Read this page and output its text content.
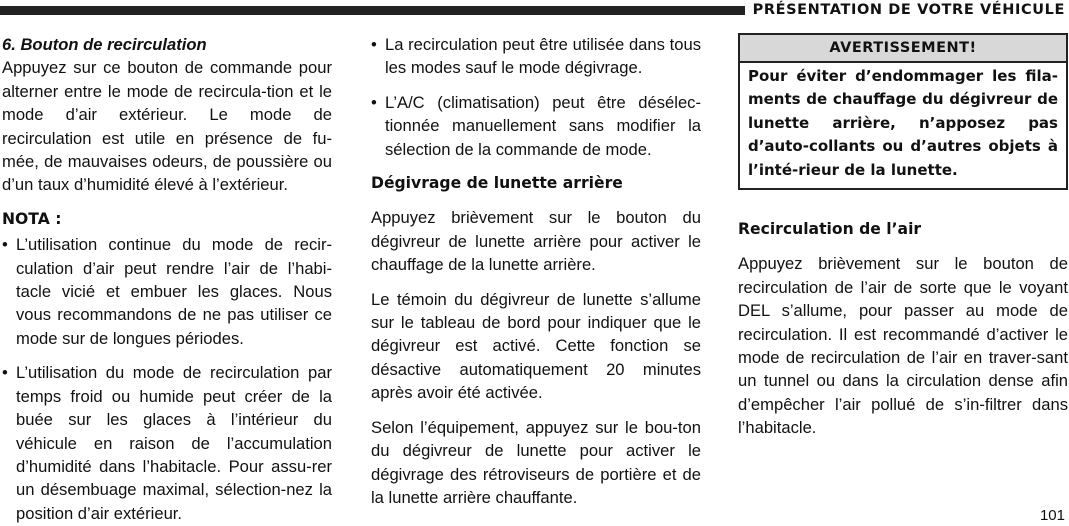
PRÉSENTATION DE VOTRE VÉHICULE

6. Bouton de recirculation

Appuyez sur ce bouton de commande pour alterner entre le mode de recircula-tion et le mode d’air extérieur. Le mode de recirculation est utile en présence de fu-mée, de mauvaises odeurs, de poussière ou d’un taux d’humidité élevé à l’extérieur.

NOTA :

• L’utilisation continue du mode de recir-culation d’air peut rendre l’air de l’habi-tacle vicié et embuer les glaces. Nous vous recommandons de ne pas utiliser ce mode sur de longues périodes.
• L’utilisation du mode de recirculation par temps froid ou humide peut créer de la buée sur les glaces à l’intérieur du véhicule en raison de l’accumulation d’humidité dans l’habitacle. Pour assu-rer un désembuage maximal, sélection-nez la position d’air extérieur.
• La recirculation peut être utilisée dans tous les modes sauf le mode dégivrage.
• L’A/C (climatisation) peut être désélec-tionnée manuellement sans modifier la sélection de la commande de mode.

Dégivrage de lunette arrière

Appuyez brièvement sur le bouton du dégivreur de lunette arrière pour activer le chauffage de la lunette arrière.

Le témoin du dégivreur de lunette s’allume sur le tableau de bord pour indiquer que le dégivreur est activé. Cette fonction se désactive automatiquement 20 minutes après avoir été activée.

Selon l’équipement, appuyez sur le bou-ton du dégivreur de lunette pour activer le dégivrage des rétroviseurs de portière et de la lunette arrière chauffante.

AVERTISSEMENT!
Pour éviter d’endommager les fila-ments de chauffage du dégivreur de lunette arrière, n’apposez pas d’auto-collants ou d’autres objets à l’inté-rieur de la lunette.

Recirculation de l’air

Appuyez brièvement sur le bouton de recirculation de l’air de sorte que le voyant DEL s’allume, pour passer au mode de recirculation. Il est recommandé d’activer le mode de recirculation de l’air en traver-sant un tunnel ou dans la circulation dense afin d’empêcher l’air pollué de s’in-filtrer dans l’habitacle.

101
